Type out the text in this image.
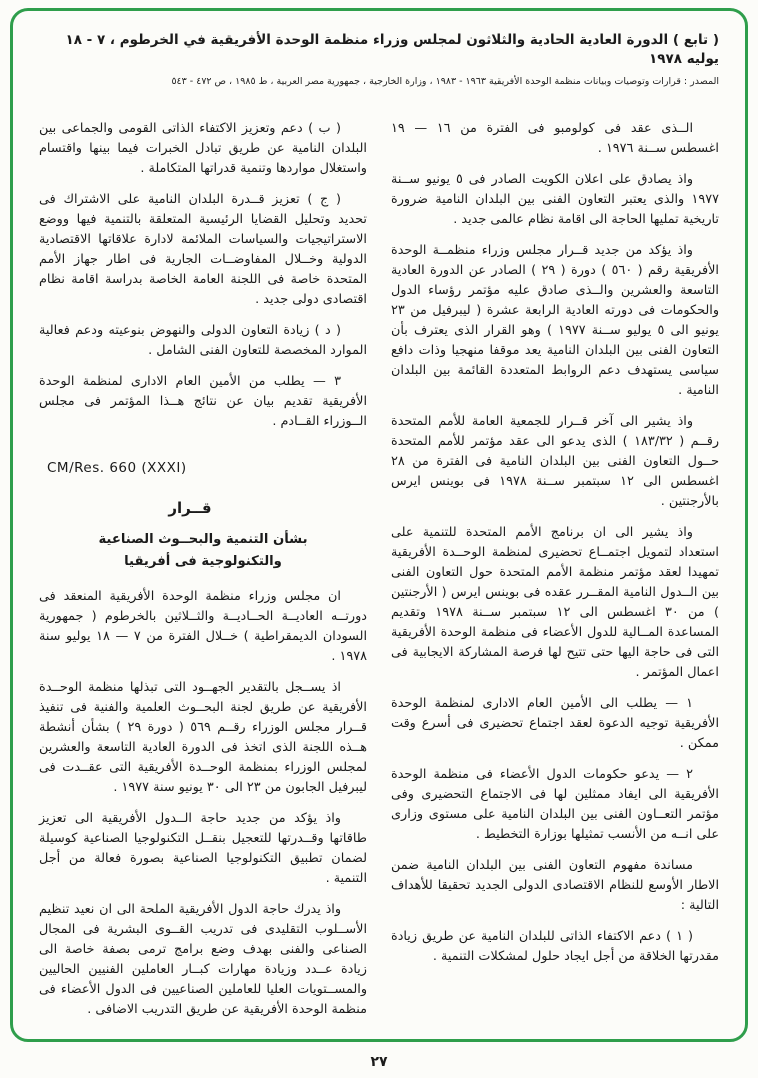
( تابع ) الدورة العادية الحادية والثلاثون لمجلس وزراء منظمة الوحدة الأفريقية في الخرطوم ، ٧ - ١٨ يوليه ١٩٧٨
المصدر : قرارات وتوصيات وبيانات منظمة الوحدة الأفريقية ١٩٦٣ - ١٩٨٣ ، وزارة الخارجية ، جمهورية مصر العربية ، ط ١٩٨٥ ، ص ٤٧٢ - ٥٤٣

الــذى عقد فى كولومبو فى الفترة من ١٦ — ١٩ اغسطس ســنة ١٩٧٦ .

واذ يصادق على اعلان الكويت الصادر فى ٥ يونيو ســنة ١٩٧٧ والذى يعتبر التعاون الفنى بين البلدان النامية ضرورة تاريخية تمليها الحاجة الى اقامة نظام عالمى جديد .

واذ يؤكد من جديد قــرار مجلس وزراء منظمــة الوحدة الأفريقية رقم ( ٥٦٠ ) دورة ( ٢٩ ) الصادر عن الدورة العادية التاسعة والعشرين والــذى صادق عليه مؤتمر رؤساء الدول والحكومات فى دورته العادية الرابعة عشرة ( ليبرفيل من ٢٣ يونيو الى ٥ يوليو ســنة ١٩٧٧ ) وهو القرار الذى يعترف بأن التعاون الفنى بين البلدان النامية يعد موقفا منهجيا وذات دافع سياسى يستهدف دعم الروابط المتعددة القائمة بين البلدان النامية .

واذ يشير الى آخر قــرار للجمعية العامة للأمم المتحدة رقــم ( ١٨٣/٣٢ ) الذى يدعو الى عقد مؤتمر للأمم المتحدة حــول التعاون الفنى بين البلدان النامية فى الفترة من ٢٨ اغسطس الى ١٢ سبتمبر ســنة ١٩٧٨ فى بوينس ايرس بالأرجنتين .

واذ يشير الى ان برنامج الأمم المتحدة للتنمية على استعداد لتمويل اجتمــاع تحضيرى لمنظمة الوحــدة الأفريقية تمهيدا لعقد مؤتمر منظمة الأمم المتحدة حول التعاون الفنى بين الــدول النامية المقــرر عقده فى بوينس ايرس ( الأرجنتين ) من ٣٠ اغسطس الى ١٢ سبتمبر ســنة ١٩٧٨ وتقديم المساعدة المــالية للدول الأعضاء فى منظمة الوحدة الأفريقية التى فى حاجة اليها حتى تتيح لها فرصة المشاركة الايجابية فى اعمال المؤتمر .

١ — يطلب الى الأمين العام الادارى لمنظمة الوحدة الأفريقية توجيه الدعوة لعقد اجتماع تحضيرى فى أسرع وقت ممكن .

٢ — يدعو حكومات الدول الأعضاء فى منظمة الوحدة الأفريقية الى ايفاد ممثلين لها فى الاجتماع التحضيرى وفى مؤتمر التعــاون الفنى بين البلدان النامية على مستوى وزارى على انــه من الأنسب تمثيلها بوزارة التخطيط .

مساندة مفهوم التعاون الفنى بين البلدان النامية ضمن الاطار الأوسع للنظام الاقتصادى الدولى الجديد تحقيقا للأهداف التالية :

( ١ ) دعم الاكتفاء الذاتى للبلدان النامية عن طريق زيادة مقدرتها الخلاقة من أجل ايجاد حلول لمشكلات التنمية .

( ب ) دعم وتعزيز الاكتفاء الذاتى القومى والجماعى بين البلدان النامية عن طريق تبادل الخبرات فيما بينها واقتسام واستغلال مواردها وتنمية قدراتها المتكاملة .

( ج ) تعزيز قــدرة البلدان النامية على الاشتراك فى تحديد وتحليل القضايا الرئيسية المتعلقة بالتنمية فيها ووضع الاستراتيجيات والسياسات الملائمة لادارة علاقاتها الاقتصادية الدولية وخــلال المفاوضــات الجارية فى اطار جهاز الأمم المتحدة خاصة فى اللجنة العامة الخاصة بدراسة اقامة نظام اقتصادى دولى جديد .

( د ) زيادة التعاون الدولى والنهوض بنوعيته ودعم فعالية الموارد المخصصة للتعاون الفنى الشامل .

٣ — يطلب من الأمين العام الادارى لمنظمة الوحدة الأفريقية تقديم بيان عن نتائج هــذا المؤتمر فى مجلس الــوزراء القــادم .

CM/Res. 660 (XXXI)

قــرار

بشأن التنمية والبحــوث الصناعية
والتكنولوجية فى أفريقيا

ان مجلس وزراء منظمة الوحدة الأفريقية المنعقد فى دورتــه العاديــة الحــاديــة والثــلاثين بالخرطوم ( جمهورية السودان الديمقراطية ) خــلال الفترة من ٧ — ١٨ يوليو سنة ١٩٧٨ .

اذ يســجل بالتقدير الجهــود التى تبذلها منظمة الوحــدة الأفريقية عن طريق لجنة البحــوث العلمية والفنية فى تنفيذ قــرار مجلس الوزراء رقــم ٥٦٩ ( دورة ٢٩ ) بشأن أنشطة هــذه اللجنة الذى اتخذ فى الدورة العادية التاسعة والعشرين لمجلس الوزراء بمنظمة الوحــدة الأفريقية التى عقــدت فى ليبرفيل الجابون من ٢٣ الى ٣٠ يونيو سنة ١٩٧٧ .

واذ يؤكد من جديد حاجة الــدول الأفريقية الى تعزيز طاقاتها وقــدرتها للتعجيل بنقــل التكنولوجيا الصناعية كوسيلة لضمان تطبيق التكنولوجيا الصناعية بصورة فعالة من أجل التنمية .

واذ يدرك حاجة الدول الأفريقية الملحة الى ان نعيد تنظيم الأســلوب التقليدى فى تدريب القــوى البشرية فى المجال الصناعى والفنى بهدف وضع برامج ترمى بصفة خاصة الى زيادة عــدد وزيادة مهارات كبــار العاملين الفنيين الحاليين والمســتويات العليا للعاملين الصناعيين فى الدول الأعضاء فى منظمة الوحدة الأفريقية عن طريق التدريب الاضافى .

٢٧
